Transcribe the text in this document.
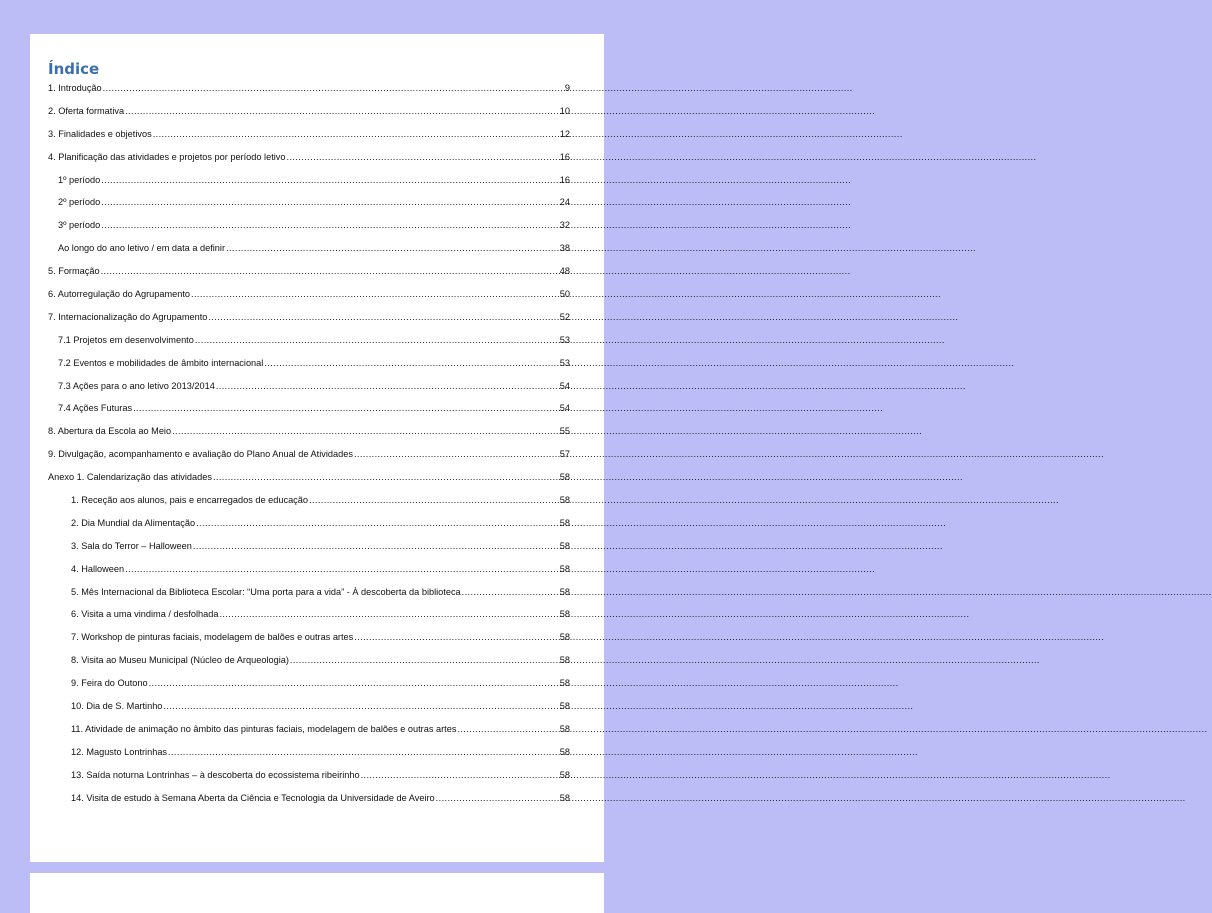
Índice
1. Introdução .....	9
2. Oferta formativa .....	10
3. Finalidades e objetivos .....	12
4. Planificação das atividades e projetos por período letivo .....	16
1º período .....	16
2º período .....	24
3º período .....	32
Ao longo do ano letivo / em data a definir .....	38
5. Formação .....	48
6. Autorregulação do Agrupamento .....	50
7. Internacionalização do Agrupamento .....	52
7.1 Projetos em desenvolvimento .....	53
7.2 Eventos e mobilidades de âmbito internacional .....	53
7.3 Ações para o ano letivo 2013/2014 .....	54
7.4 Ações Futuras .....	54
8. Abertura da Escola ao Meio .....	55
9. Divulgação, acompanhamento e avaliação do Plano Anual de Atividades .....	57
Anexo 1. Calendarização das atividades .....	58
1. Receção aos alunos, pais e encarregados de educação .....	58
2. Dia Mundial da Alimentação .....	58
3. Sala do Terror – Halloween .....	58
4. Halloween .....	58
5. Mês Internacional da Biblioteca Escolar: “Uma porta para a vida” - À descoberta da biblioteca .....	58
6. Visita a uma vindima / desfolhada .....	58
7. Workshop de pinturas faciais, modelagem de balões e outras artes .....	58
8. Visita ao Museu Municipal (Núcleo de Arqueologia) .....	58
9. Feira do Outono .....	58
10. Dia de S. Martinho .....	58
11. Atividade de animação no âmbito das pinturas faciais, modelagem de balões e outras artes .....	58
12. Magusto Lontrinhas .....	58
13. Saída noturna Lontrinhas – à descoberta do ecossistema ribeirinho .....	58
14. Visita de estudo à Semana Aberta da Ciência e Tecnologia da Universidade de Aveiro .....	58
